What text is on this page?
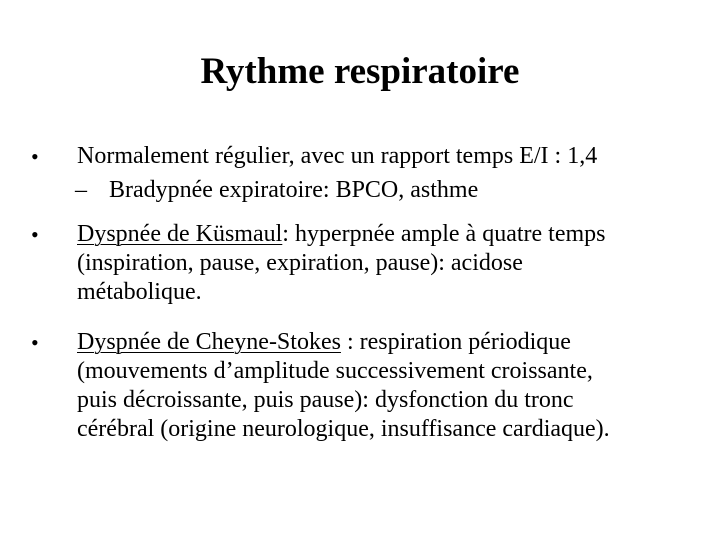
Rythme respiratoire
• Normalement régulier, avec un rapport temps E/I : 1,4
– Bradypnée expiratoire: BPCO, asthme
• Dyspnée de Küsmaul: hyperpnée ample à quatre temps
(inspiration, pause, expiration, pause): acidose
métabolique.
• Dyspnée de Cheyne-Stokes : respiration périodique
(mouvements d’amplitude successivement croissante,
puis décroissante, puis pause): dysfonction du tronc
cérébral (origine neurologique, insuffisance cardiaque).
